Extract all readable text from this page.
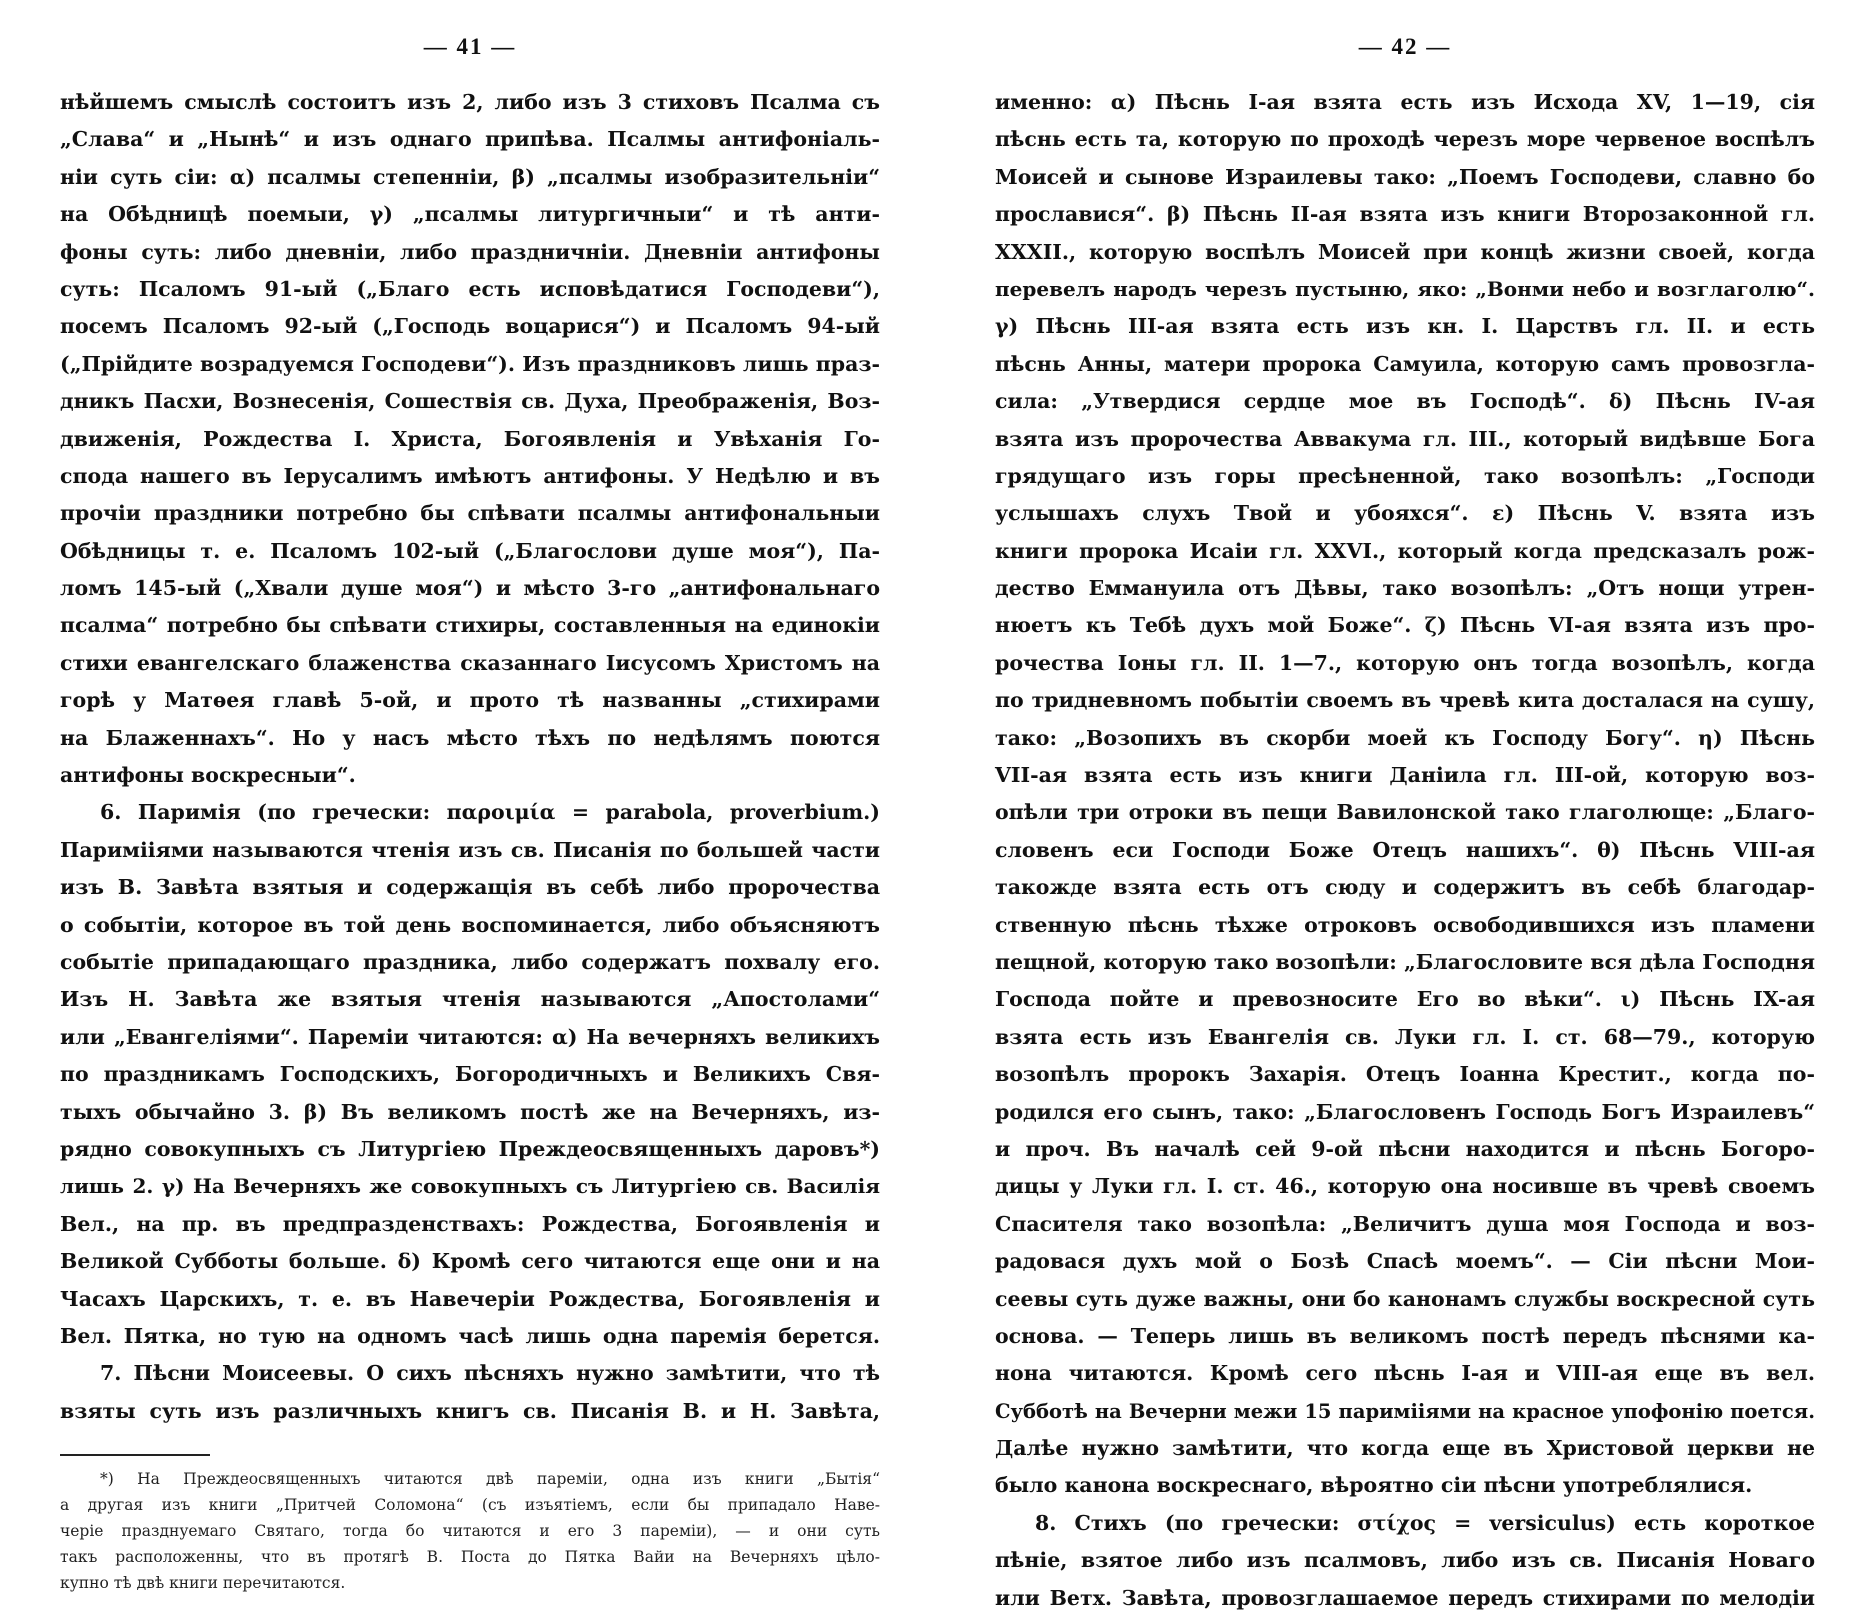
— 41 —
нѣйшемъ смыслѣ состоитъ изъ 2, либо изъ 3 стиховъ Псалма съ
„Слава“ и „Нынѣ“ и изъ однаго припѣва. Псалмы антифоніаль-
ніи суть сіи: α) псалмы степенніи, β) „псалмы изобразительніи“
на Обѣдницѣ поемыи, γ) „псалмы литургичныи“ и тѣ анти-
фоны суть: либо дневніи, либо праздничніи. Дневніи антифоны
суть: Псаломъ 91-ый („Благо есть исповѣдатися Господеви“),
посемъ Псаломъ 92-ый („Господь воцарися“) и Псаломъ 94-ый
(„Прійдите возрадуемся Господеви“). Изъ праздниковъ лишь праз-
дникъ Пасхи, Вознесенія, Сошествія св. Духа, Преображенія, Воз-
движенія, Рождества І. Христа, Богоявленія и Увѣханія Го-
спода нашего въ Іерусалимъ имѣютъ антифоны. У Недѣлю и въ
прочіи праздники потребно бы спѣвати псалмы антифональныи
Обѣдницы т. е. Псаломъ 102-ый („Благослови душе моя“), Па-
ломъ 145-ый („Хвали душе моя“) и мѣсто 3-го „антифональнаго
псалма“ потребно бы спѣвати стихиры, составленныя на единокіи
стихи евангелскаго блаженства сказаннаго Іисусомъ Христомъ на
горѣ у Матѳея главѣ 5-ой, и прото тѣ названны „стихирами
на Блаженнахъ“. Но у насъ мѣсто тѣхъ по недѣлямъ поются
антифоны воскресныи“.
6. Паримія (по гречески: παροιμία = parabola, proverbium.)
Паримііями называются чтенія изъ св. Писанія по большей части
изъ В. Завѣта взятыя и содержащія въ себѣ либо пророчества
о событіи, которое въ той день воспоминается, либо объясняютъ
событіе припадающаго праздника, либо содержатъ похвалу его.
Изъ Н. Завѣта же взятыя чтенія называются „Апостолами“
или „Евангеліями“. Пареміи читаются: α) На вечерняхъ великихъ
по праздникамъ Господскихъ, Богородичныхъ и Великихъ Свя-
тыхъ обычайно 3. β) Въ великомъ постѣ же на Вечерняхъ, из-
рядно совокупныхъ съ Литургіею Преждеосвященныхъ даровъ*)
лишь 2. γ) На Вечерняхъ же совокупныхъ съ Литургіею св. Василія
Вел., на пр. въ предпразденствахъ: Рождества, Богоявленія и
Великой Субботы больше. δ) Кромѣ сего читаются еще они и на
Часахъ Царскихъ, т. е. въ Навечеріи Рождества, Богоявленія и
Вел. Пятка, но тую на одномъ часѣ лишь одна паремія берется.
7. Пѣсни Моисеевы. О сихъ пѣсняхъ нужно замѣтити, что тѣ
взяты суть изъ различныхъ книгъ св. Писанія В. и Н. Завѣта,
*) На Преждеосвященныхъ читаются двѣ пареміи, одна изъ книги „Бытія“
а другая изъ книги „Притчей Соломона“ (съ изъятіемъ, если бы припадало Наве-
черіе празднуемаго Святаго, тогда бо читаются и его 3 пареміи), — и они суть
такъ расположенны, что въ протягѣ В. Поста до Пятка Вайи на Вечерняхъ цѣло-
купно тѣ двѣ книги перечитаются.
— 42 —
именно: α) Пѣснь І-ая взята есть изъ Исхода XV, 1—19, сія
пѣснь есть та, которую по проходѣ черезъ море червеное воспѣлъ
Моисей и сынове Израилевы тако: „Поемъ Господеви, славно бо
прославися“. β) Пѣснь ІІ-ая взята изъ книги Второзаконной гл.
XXXII., которую воспѣлъ Моисей при концѣ жизни своей, когда
перевелъ народъ черезъ пустыню, яко: „Вонми небо и возглаголю“.
γ) Пѣснь ІІІ-ая взята есть изъ кн. І. Царствъ гл. ІІ. и есть
пѣснь Анны, матери пророка Самуила, которую самъ провозгла-
сила: „Утвердися сердце мое въ Господѣ“. δ) Пѣснь IV-ая
взята изъ пророчества Аввакума гл. ІІІ., который видѣвше Бога
грядущаго изъ горы пресѣненной, тако возопѣлъ: „Господи
услышахъ слухъ Твой и убояхся“. ε) Пѣснь V. взята изъ
книги пророка Исаіи гл. XXVI., который когда предсказалъ рож-
дество Еммануила отъ Дѣвы, тако возопѣлъ: „Отъ нощи утрен-
нюетъ къ Тебѣ духъ мой Боже“. ζ) Пѣснь VI-ая взята изъ про-
рочества Іоны гл. ІІ. 1—7., которую онъ тогда возопѣлъ, когда
по тридневномъ побытіи своемъ въ чревѣ кита досталася на сушу,
тако: „Возопихъ въ скорби моей къ Господу Богу“. η) Пѣснь
VII-ая взята есть изъ книги Даніила гл. ІІІ-ой, которую воз-
опѣли три отроки въ пещи Вавилонской тако глаголюще: „Благо-
словенъ еси Господи Боже Отецъ нашихъ“. θ) Пѣснь VIII-ая
такожде взята есть отъ сюду и содержитъ въ себѣ благодар-
ственную пѣснь тѣхже отроковъ освободившихся изъ пламени
пещной, которую тако возопѣли: „Благословите вся дѣла Господня
Господа пойте и превозносите Его во вѣки“. ι) Пѣснь IX-ая
взята есть изъ Евангелія св. Луки гл. І. ст. 68—79., которую
возопѣлъ пророкъ Захарія. Отецъ Іоанна Крестит., когда по-
родился его сынъ, тако: „Благословенъ Господь Богъ Израилевъ“
и проч. Въ началѣ сей 9-ой пѣсни находится и пѣснь Богоро-
дицы у Луки гл. І. ст. 46., которую она носивше въ чревѣ своемъ
Спасителя тако возопѣла: „Величитъ душа моя Господа и воз-
радовася духъ мой о Бозѣ Спасѣ моемъ“. — Сіи пѣсни Мои-
сеевы суть дуже важны, они бо канонамъ службы воскресной суть
основа. — Теперь лишь въ великомъ постѣ передъ пѣснями ка-
нона читаются. Кромѣ сего пѣснь І-ая и VIII-ая еще въ вел.
Субботѣ на Вечерни межи 15 паримііями на красное упофонію поется.
Далѣе нужно замѣтити, что когда еще въ Христовой церкви не
было канона воскреснаго, вѣроятно сіи пѣсни употреблялися.
8. Стихъ (по гречески: στίχος = versiculus) есть короткое
пѣніе, взятое либо изъ псалмовъ, либо изъ св. Писанія Новаго
или Ветх. Завѣта, провозглашаемое передъ стихирами по мелодіи
